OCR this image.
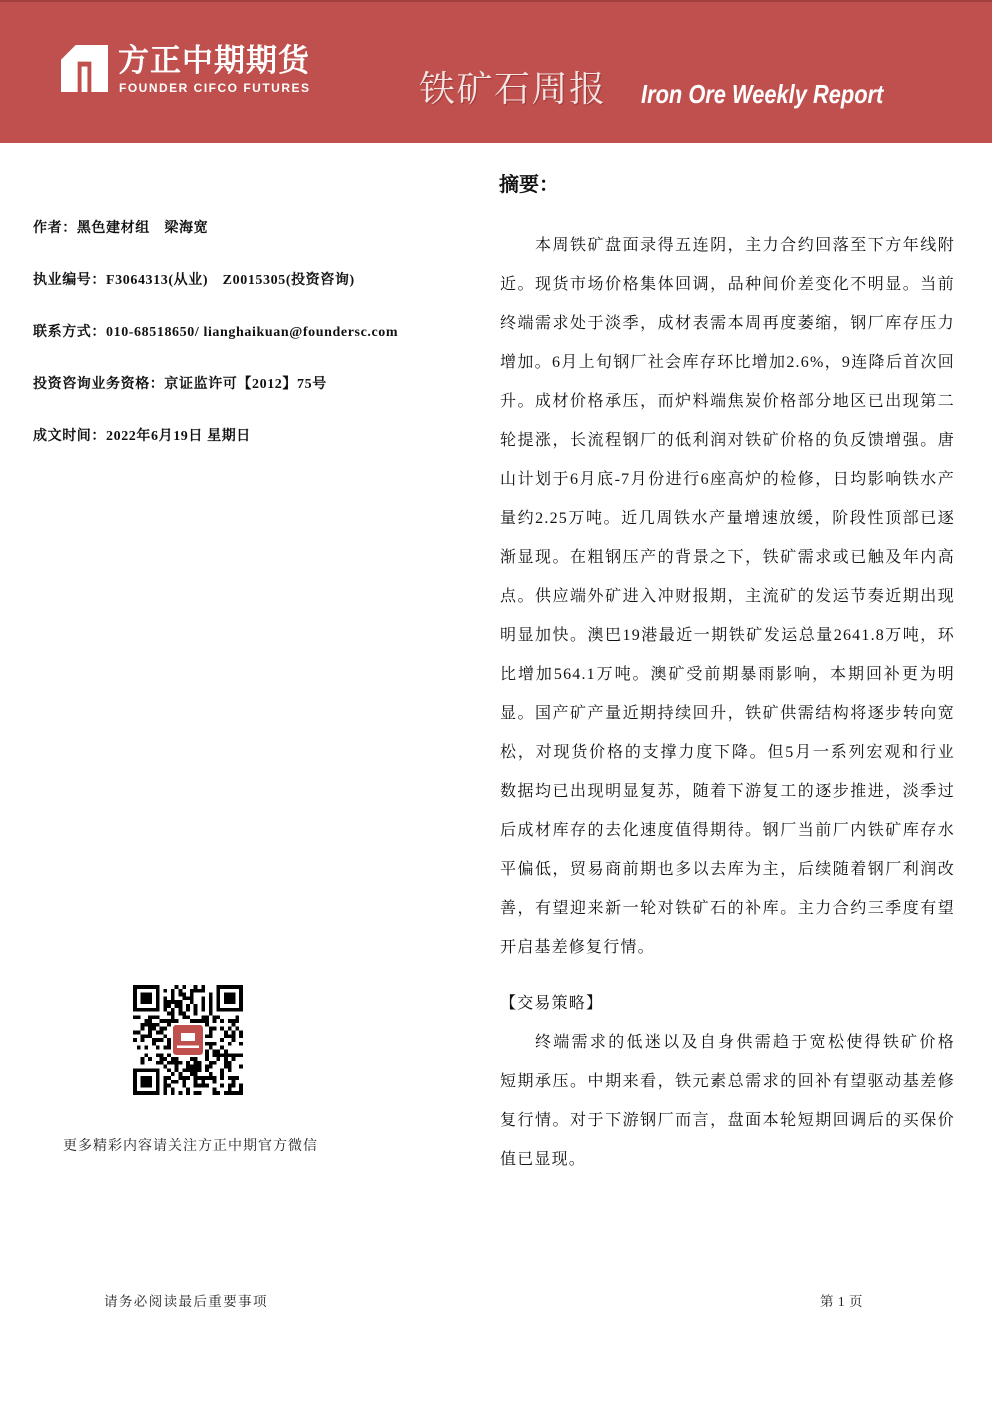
方正中期期货
FOUNDER CIFCO FUTURES	铁矿石周报 Iron Ore Weekly Report
作者：黑色建材组　梁海宽
执业编号：F3064313(从业)　Z0015305(投资咨询)
联系方式：010-68518650/ lianghaikuan@foundersc.com
投资咨询业务资格：京证监许可【2012】75号
成文时间：2022年6月19日 星期日
更多精彩内容请关注方正中期官方微信
摘要：
本周铁矿盘面录得五连阴，主力合约回落至下方年线附
近。现货市场价格集体回调，品种间价差变化不明显。当前
终端需求处于淡季，成材表需本周再度萎缩，钢厂库存压力
增加。6月上旬钢厂社会库存环比增加2.6%，9连降后首次回
升。成材价格承压，而炉料端焦炭价格部分地区已出现第二
轮提涨，长流程钢厂的低利润对铁矿价格的负反馈增强。唐
山计划于6月底-7月份进行6座高炉的检修，日均影响铁水产
量约2.25万吨。近几周铁水产量增速放缓，阶段性顶部已逐
渐显现。在粗钢压产的背景之下，铁矿需求或已触及年内高
点。供应端外矿进入冲财报期，主流矿的发运节奏近期出现
明显加快。澳巴19港最近一期铁矿发运总量2641.8万吨，环
比增加564.1万吨。澳矿受前期暴雨影响，本期回补更为明
显。国产矿产量近期持续回升，铁矿供需结构将逐步转向宽
松，对现货价格的支撑力度下降。但5月一系列宏观和行业
数据均已出现明显复苏，随着下游复工的逐步推进，淡季过
后成材库存的去化速度值得期待。钢厂当前厂内铁矿库存水
平偏低，贸易商前期也多以去库为主，后续随着钢厂利润改
善，有望迎来新一轮对铁矿石的补库。主力合约三季度有望
开启基差修复行情。
【交易策略】
终端需求的低迷以及自身供需趋于宽松使得铁矿价格
短期承压。中期来看，铁元素总需求的回补有望驱动基差修
复行情。对于下游钢厂而言，盘面本轮短期回调后的买保价
值已显现。
请务必阅读最后重要事项	第 1 页
